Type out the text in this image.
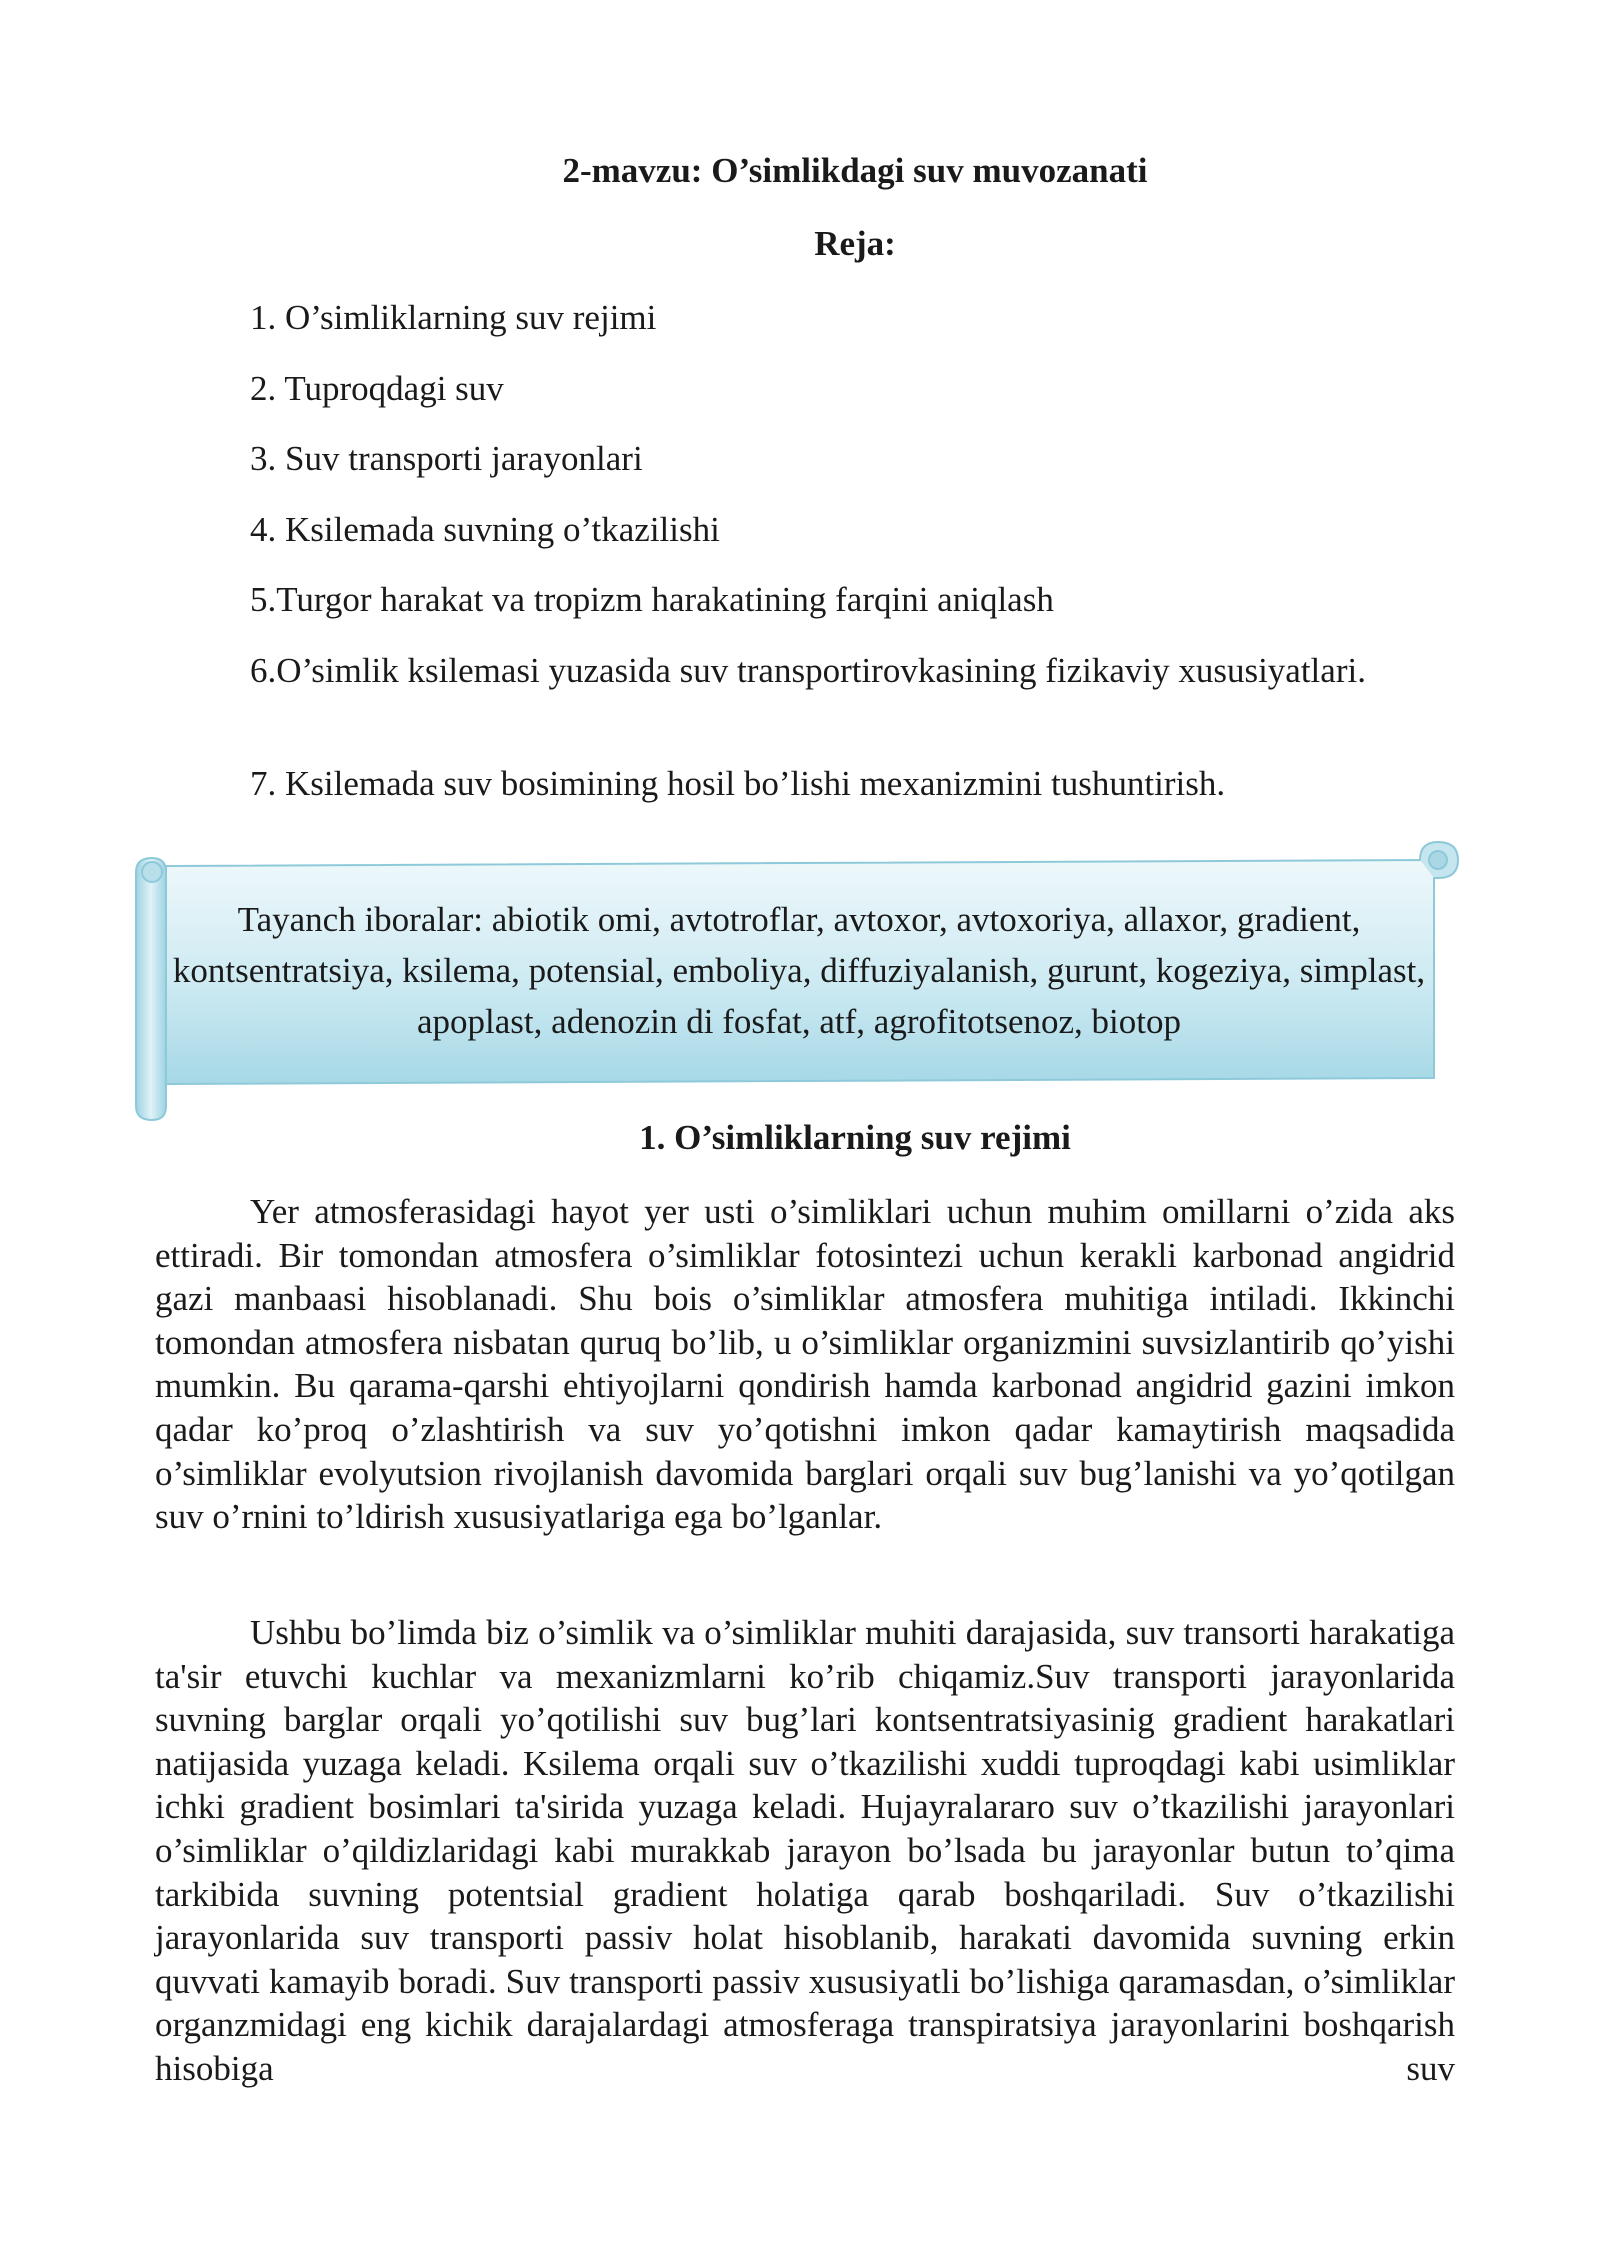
2-mavzu: O’simlikdagi suv muvozanati
Reja:
1. O’simliklarning suv rejimi
2. Tuproqdagi suv
3. Suv transporti jarayonlari
4. Ksilemada suvning o’tkazilishi
5.Turgor harakat va tropizm harakatining farqini aniqlash
6.O’simlik ksilemasi yuzasida suv transportirovkasining fizikaviy xususiyatlari.
7. Ksilemada suv bosimining hosil bo’lishi mexanizmini tushuntirish.
Tayanch iboralar: abiotik omi, avtotroflar, avtoxor, avtoxoriya, allaxor, gradient, kontsentratsiya, ksilema, potensial, emboliya, diffuziyalanish, gurunt, kogeziya, simplast, apoplast, adenozin di fosfat, atf, agrofitotsenoz, biotop
1. O’simliklarning suv rejimi
Yer atmosferasidagi hayot yer usti o’simliklari uchun muhim omillarni o’zida aks ettiradi. Bir tomondan atmosfera o’simliklar fotosintezi uchun kerakli karbonad angidrid gazi manbaasi hisoblanadi. Shu bois o’simliklar atmosfera muhitiga intiladi. Ikkinchi tomondan atmosfera nisbatan quruq bo’lib, u o’simliklar organizmini suvsizlantirib qo’yishi mumkin. Bu qarama-qarshi ehtiyojlarni qondirish hamda karbonad angidrid gazini imkon qadar ko’proq o’zlashtirish va suv yo’qotishni imkon qadar kamaytirish maqsadida o’simliklar evolyutsion rivojlanish davomida barglari orqali suv bug’lanishi va yo’qotilgan suv o’rnini to’ldirish xususiyatlariga ega bo’lganlar.
Ushbu bo’limda biz o’simlik va o’simliklar muhiti darajasida, suv transorti harakatiga ta'sir etuvchi kuchlar va mexanizmlarni ko’rib chiqamiz.Suv transporti jarayonlarida suvning barglar orqali yo’qotilishi suv bug’lari kontsentratsiyasinig gradient harakatlari natijasida yuzaga keladi. Ksilema orqali suv o’tkazilishi xuddi tuproqdagi kabi usimliklar ichki gradient bosimlari ta'sirida yuzaga keladi. Hujayralararo suv o’tkazilishi jarayonlari o’simliklar o’qildizlaridagi kabi murakkab jarayon bo’lsada bu jarayonlar butun to’qima tarkibida suvning potentsial gradient holatiga qarab boshqariladi. Suv o’tkazilishi jarayonlarida suv transporti passiv holat hisoblanib, harakati davomida suvning erkin quvvati kamayib boradi. Suv transporti passiv xususiyatli bo’lishiga qaramasdan, o’simliklar organzmidagi eng kichik darajalardagi atmosferaga transpiratsiya jarayonlarini boshqarish hisobiga suv
